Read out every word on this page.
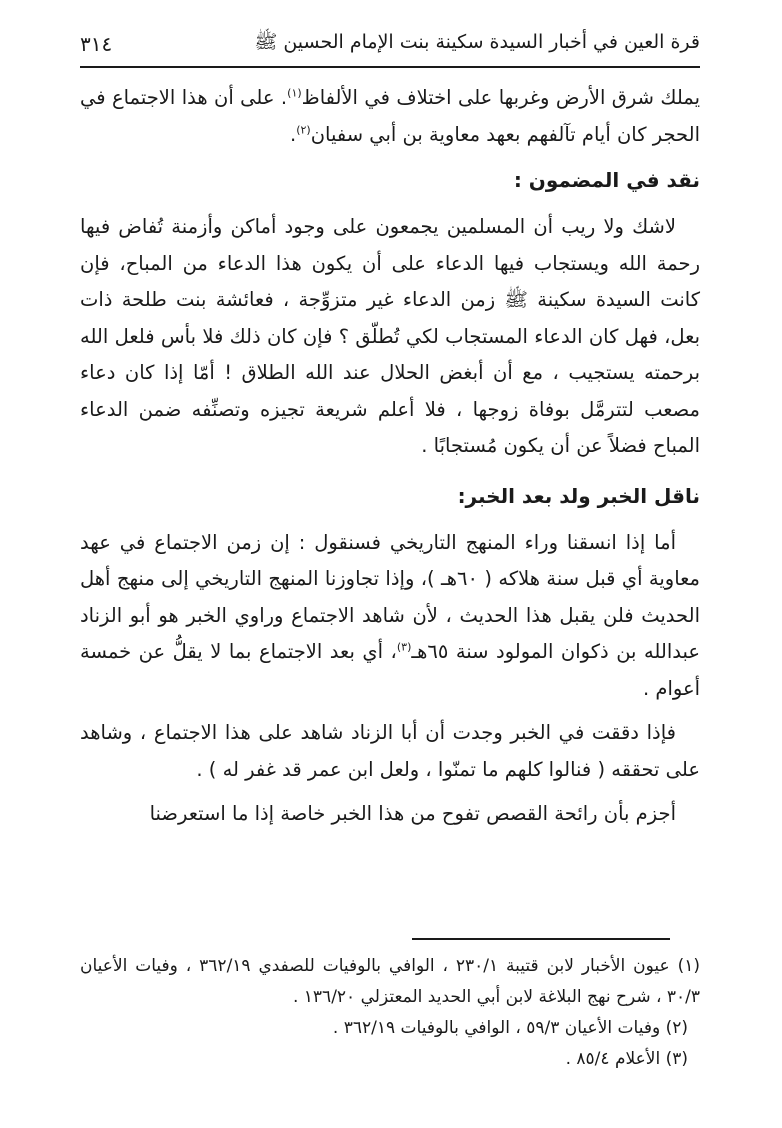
قرة العين في أخبار السيدة سكينة بنت الإمام الحسين ﷺ
٣١٤

يملك شرق الأرض وغربها على اختلاف في الألفاظ$^{(١)}$. على أن هذا الاجتماع في الحجر كان أيام تآلفهم بعهد معاوية بن أبي سفيان$^{(٢)}$.

نقد في المضمون :

لاشك ولا ريب أن المسلمين يجمعون على وجود أماكن وأزمنة تُفاض فيها رحمة الله ويستجاب فيها الدعاء على أن يكون هذا الدعاء من المباح، فإن كانت السيدة سكينة ﷺ زمن الدعاء غير متزوِّجة ، فعائشة بنت طلحة ذات بعل، فهل كان الدعاء المستجاب لكي تُطلّق ؟ فإن كان ذلك فلا بأس فلعل الله برحمته يستجيب ، مع أن أبغض الحلال عند الله الطلاق ! أمّا إذا كان دعاء مصعب لتترمَّل بوفاة زوجها ، فلا أعلم شريعة تجيزه وتصنِّفه ضمن الدعاء المباح فضلاً عن أن يكون مُستجابًا .

ناقل الخبر ولد بعد الخبر:

أما إذا انسقنا وراء المنهج التاريخي فسنقول : إن زمن الاجتماع في عهد معاوية أي قبل سنة هلاكه ( ٦٠هـ )، وإذا تجاوزنا المنهج التاريخي إلى منهج أهل الحديث فلن يقبل هذا الحديث ، لأن شاهد الاجتماع وراوي الخبر هو أبو الزناد عبدالله بن ذكوان المولود سنة ٦٥هـ$^{(٣)}$، أي بعد الاجتماع بما لا يقلُّ عن خمسة أعوام .

فإذا دققت في الخبر وجدت أن أبا الزناد شاهد على هذا الاجتماع ، وشاهد على تحققه ( فنالوا كلهم ما تمنّوا ، ولعل ابن عمر قد غفر له ) .

أجزم بأن رائحة القصص تفوح من هذا الخبر خاصة إذا ما استعرضنا

(١) عيون الأخبار لابن قتيبة ٢٣٠/١ ، الوافي بالوفيات للصفدي ٣٦٢/١٩ ، وفيات الأعيان ٣٠/٣ ، شرح نهج البلاغة لابن أبي الحديد المعتزلي ١٣٦/٢٠ .

(٢) وفيات الأعيان ٥٩/٣ ، الوافي بالوفيات ٣٦٢/١٩ .

(٣) الأعلام ٨٥/٤ .
